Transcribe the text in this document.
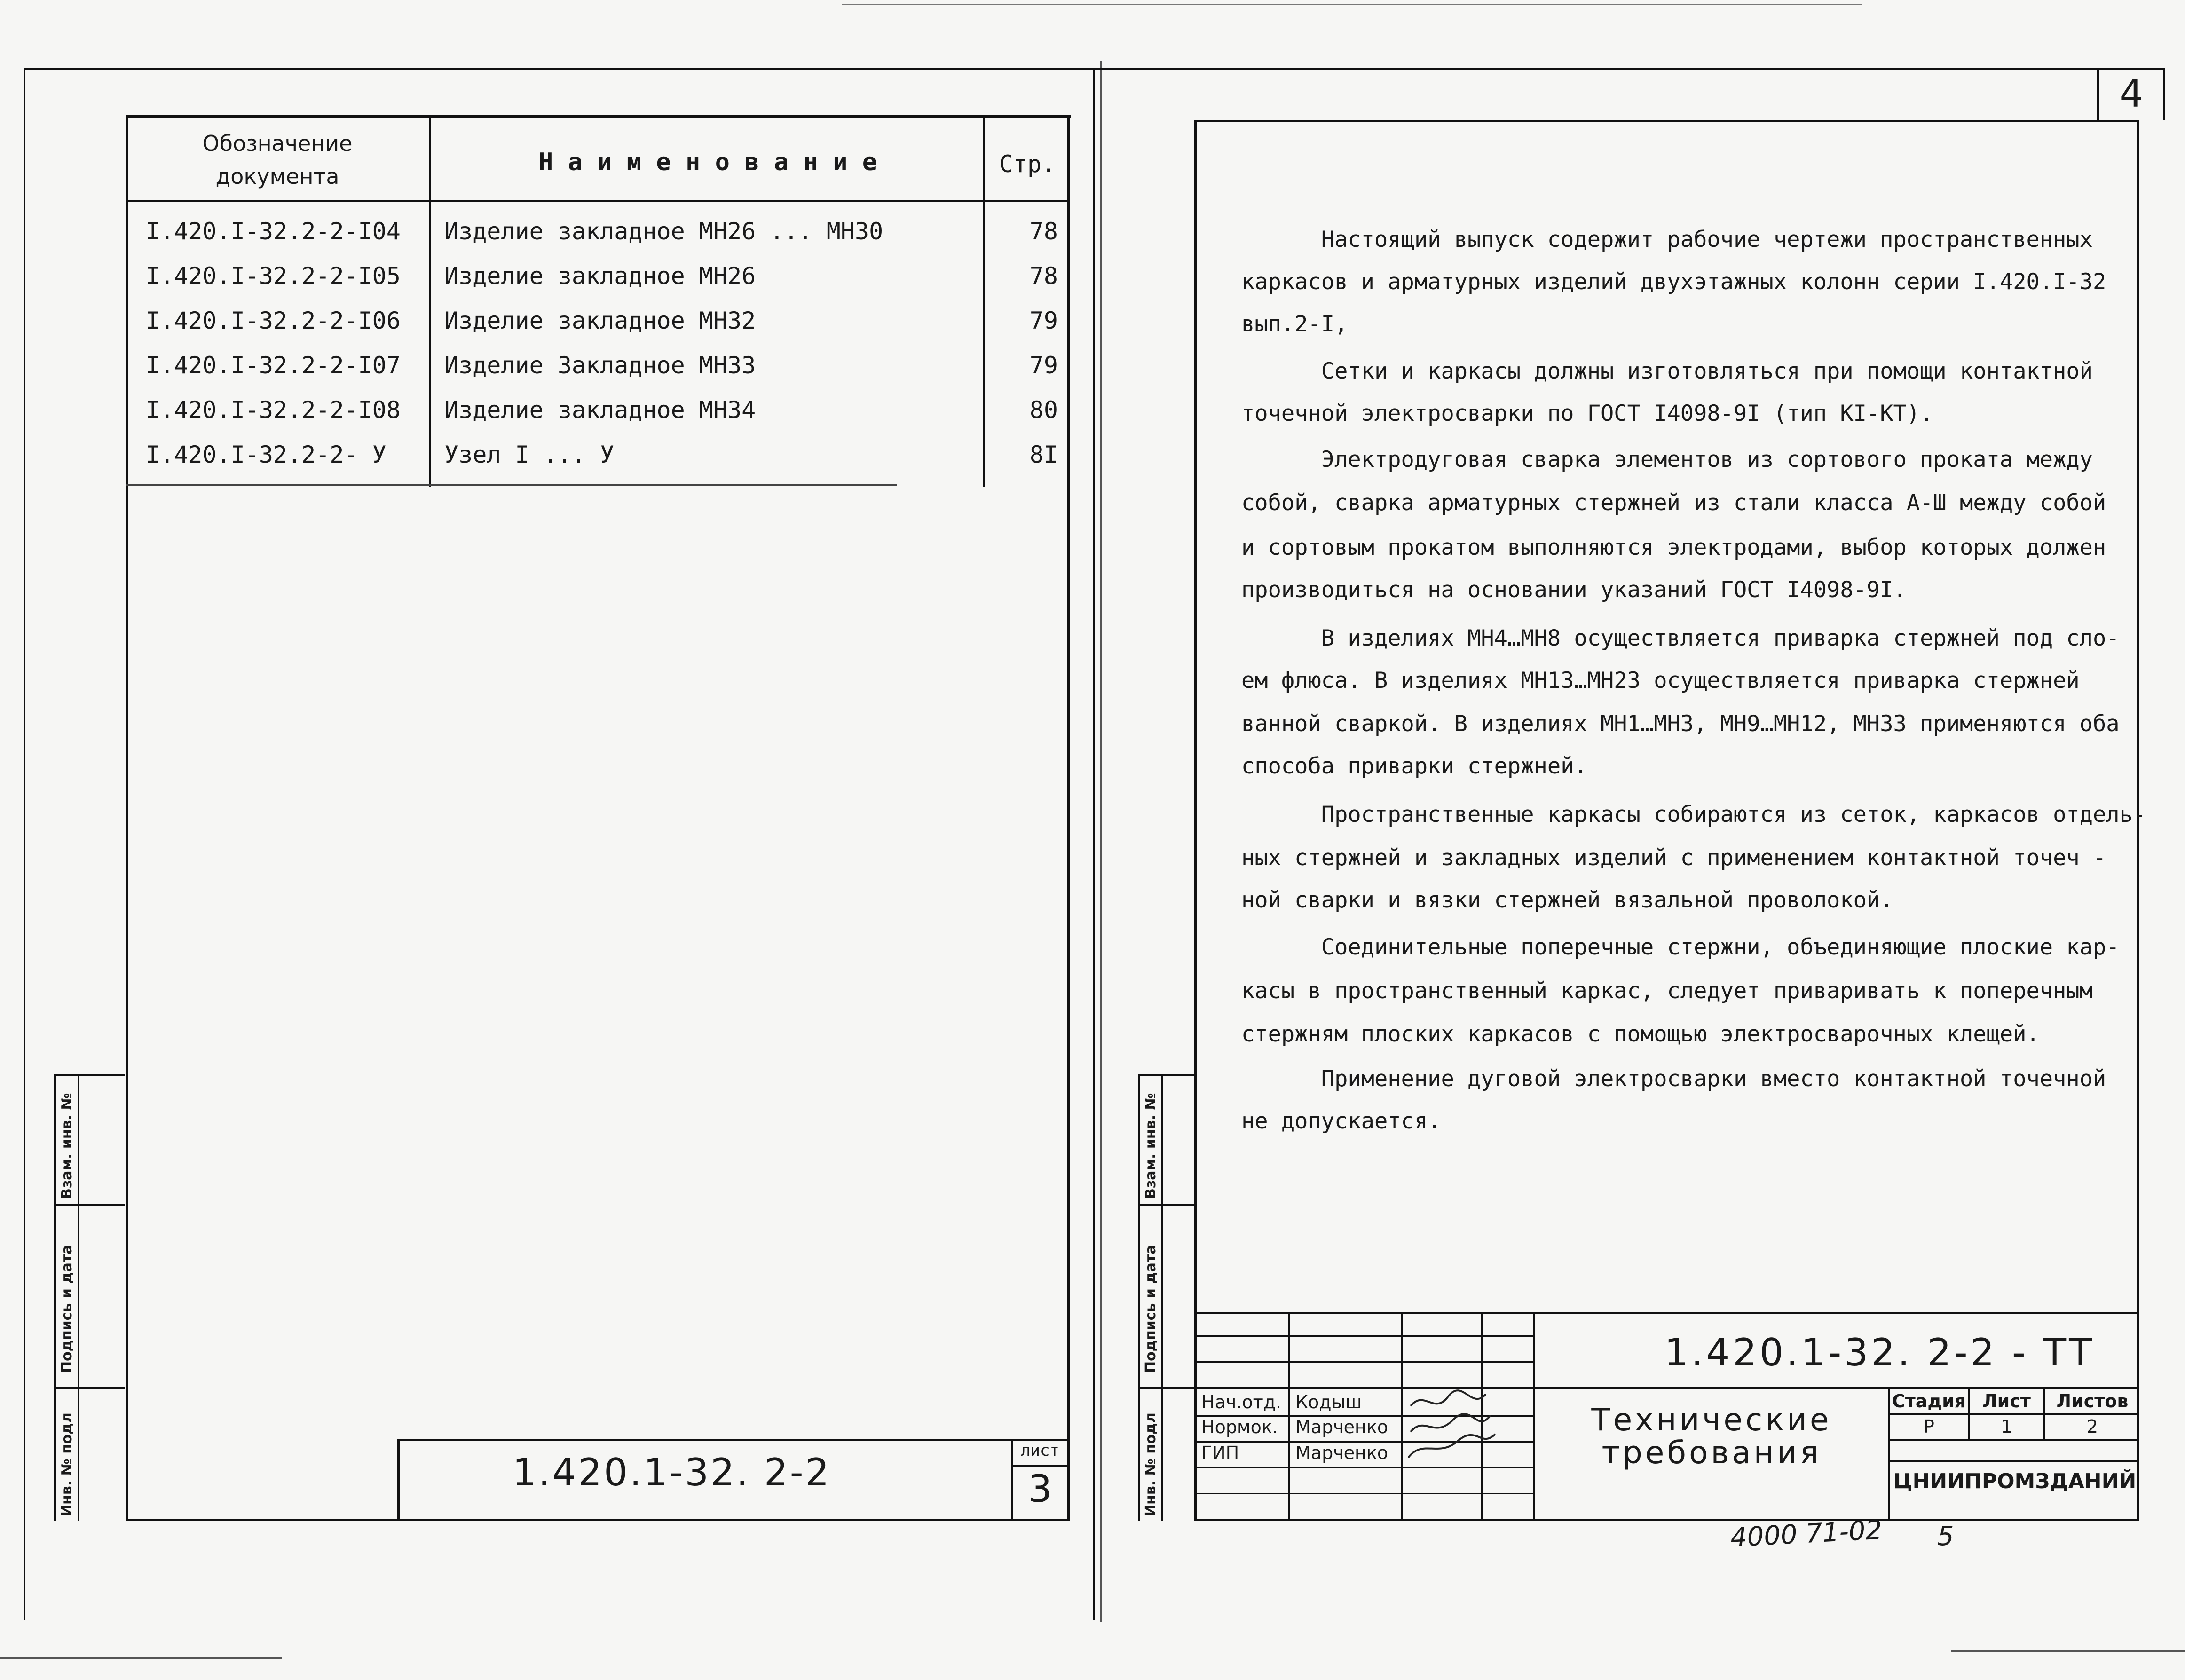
Обозначение
документа	Н а и м е н о в а н и е	Стр.
I.420.I-32.2-2-I04	Изделие закладное МН26 ... МН30	78
I.420.I-32.2-2-I05	Изделие закладное МН26	78
I.420.I-32.2-2-I06	Изделие закладное МН32	79
I.420.I-32.2-2-I07	Изделие Закладное МН33	79
I.420.I-32.2-2-I08	Изделие закладное МН34	80
I.420.I-32.2-2- У	Узел I ... У	8I
Взам. инв. №
Подпись и дата
Инв. № подл	1.420.1-32. 2-2	лист
3
4
Настоящий выпуск содержит рабочие чертежи пространственных
каркасов и арматурных изделий двухэтажных колонн серии I.420.I-32
вып.2-I,
Сетки и каркасы должны изготовляться при помощи контактной
точечной электросварки по ГОСТ I4098-9I (тип КI-КТ).
Электродуговая сварка элементов из сортового проката между
собой, сварка арматурных стержней из стали класса А-Ш между собой
и сортовым прокатом выполняются электродами, выбор которых должен
производиться на основании указаний ГОСТ I4098-9I.
В изделиях МН4…МН8 осуществляется приварка стержней под сло-
ем флюса. В изделиях МН13…МН23 осуществляется приварка стержней
ванной сваркой. В изделиях МН1…МН3, МН9…МН12, МН33 применяются оба
способа приварки стержней.
Пространственные каркасы собираются из сеток, каркасов отдель-
ных стержней и закладных изделий с применением контактной точеч -
ной сварки и вязки стержней вязальной проволокой.
Соединительные поперечные стержни, объединяющие плоские кар-
касы в пространственный каркас, следует приваривать к поперечным
стержням плоских каркасов с помощью электросварочных клещей.
Применение дуговой электросварки вместо контактной точечной
не допускается.
Взам. инв. №
Подпись и дата
Инв. № подл
1.420.1-32. 2-2 - ТТ
Технические
требования
Нач.отд. Кодыш
Нормок. Марченко
ГИП	Марченко
Стадия Лист	Листов
Р	1	2
ЦНИИПРОМЗДАНИЙ
4000 71-02 5
